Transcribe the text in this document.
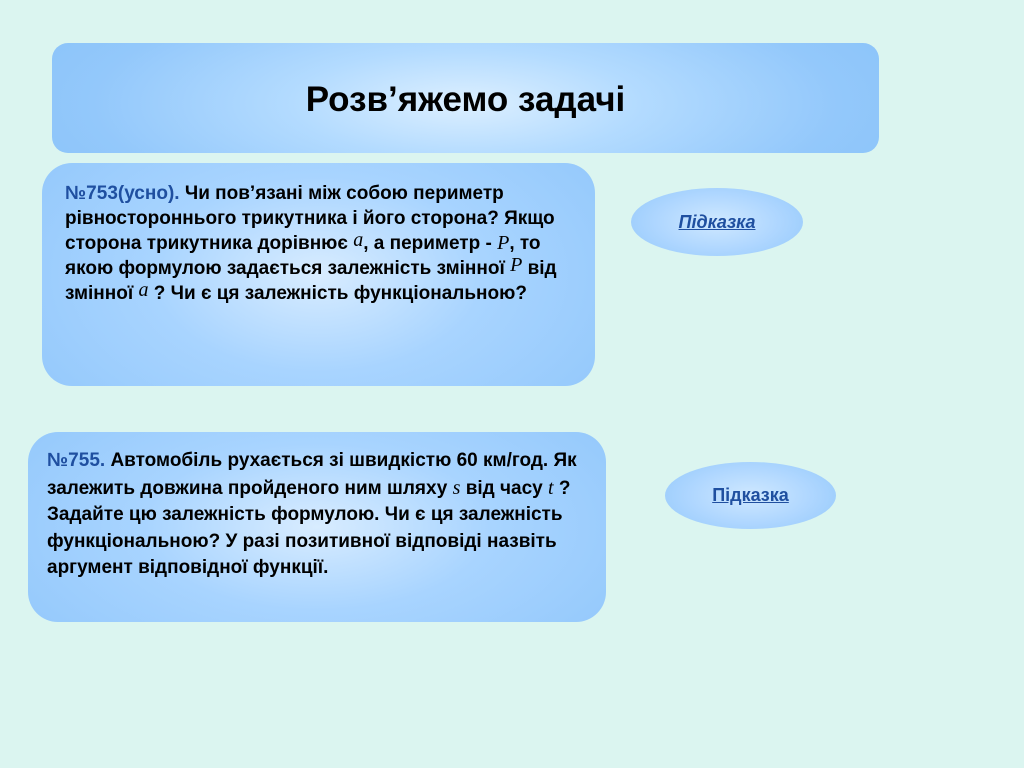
Розв’яжемо задачі
№753(усно). Чи пов’язані між собою периметр рівностороннього трикутника і його сторона? Якщо сторона трикутника дорівнює a, а периметр - P, то якою формулою задається залежність змінної P від змінної a ? Чи є ця залежність функціональною?
Підказка
№755. Автомобіль рухається зі швидкістю 60 км/год. Як залежить довжина пройденого ним шляху s від часу t ? Задайте цю залежність формулою. Чи є ця залежність функціональною? У разі позитивної відповіді назвіть аргумент відповідної функції.
Підказка
